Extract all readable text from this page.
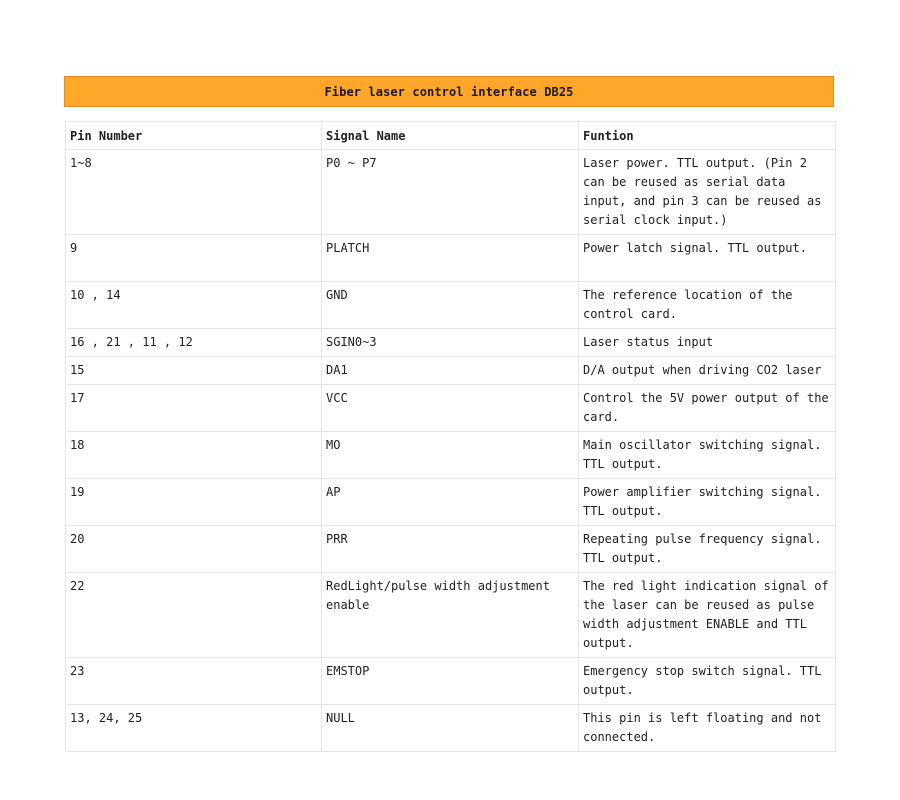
Fiber laser control interface DB25
Pin Number	Signal Name	Funtion
1~8	P0 ~ P7	Laser power. TTL output. (Pin 2 can be reused as serial data input, and pin 3 can be reused as serial clock input.)
9	PLATCH	Power latch signal. TTL output.
10 , 14	GND	The reference location of the control card.
16 , 21 , 11 , 12	SGIN0~3	Laser status input
15	DA1	D/A output when driving CO2 laser
17	VCC	Control the 5V power output of the card.
18	MO	Main oscillator switching signal. TTL output.
19	AP	Power amplifier switching signal. TTL output.
20	PRR	Repeating pulse frequency signal. TTL output.
22	RedLight/pulse width adjustment enable	The red light indication signal of the laser can be reused as pulse width adjustment ENABLE and TTL output.
23	EMSTOP	Emergency stop switch signal. TTL output.
13, 24, 25	NULL	This pin is left floating and not connected.
